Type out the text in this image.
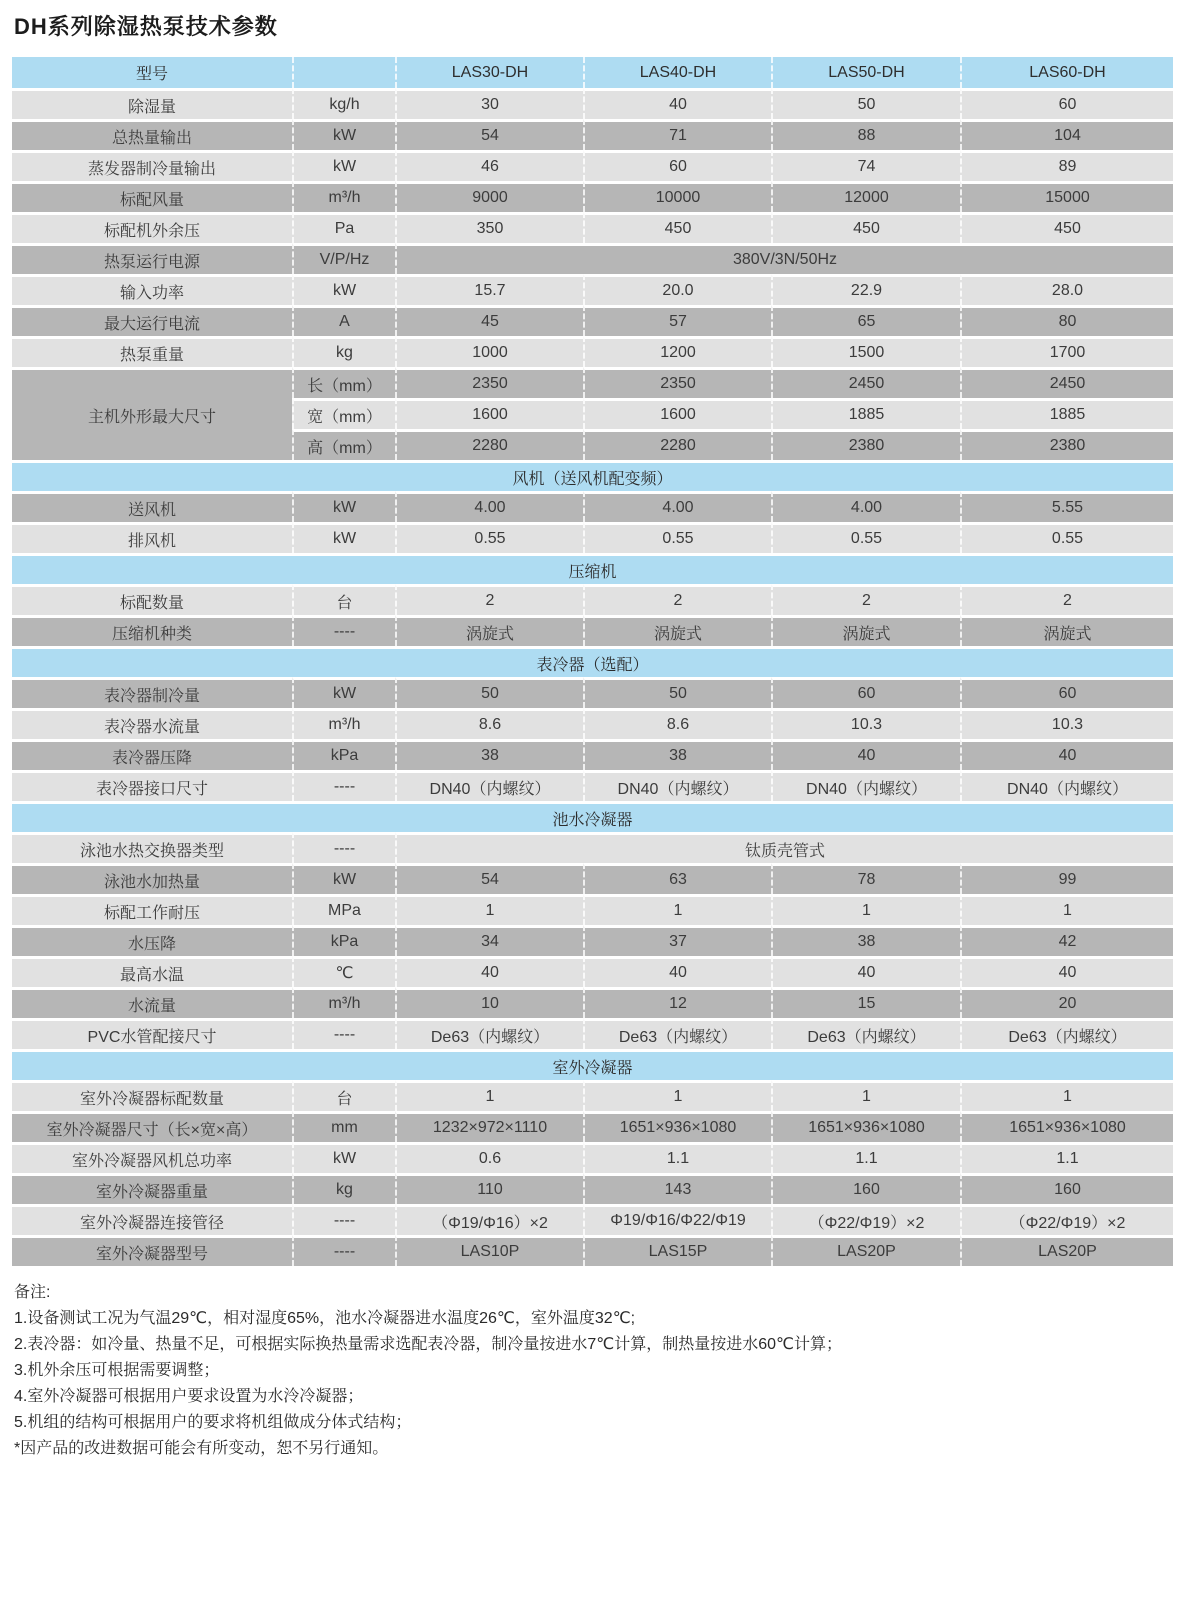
DH系列除湿热泵技术参数
型号		LAS30-DH	LAS40-DH	LAS50-DH	LAS60-DH
除湿量	kg/h	30	40	50	60
总热量输出	kW	54	71	88	104
蒸发器制冷量输出	kW	46	60	74	89
标配风量	m³/h	9000	10000	12000	15000
标配机外余压	Pa	350	450	450	450
热泵运行电源	V/P/Hz	380V/3N/50Hz			
输入功率	kW	15.7	20.0	22.9	28.0
最大运行电流	A	45	57	65	80
热泵重量	kg	1000	1200	1500	1700
主机外形最大尺寸	长（mm）	2350	2350	2450	2450
	宽（mm）	1600	1600	1885	1885
	高（mm）	2280	2280	2380	2380
风机（送风机配变频）					
送风机	kW	4.00	4.00	4.00	5.55
排风机	kW	0.55	0.55	0.55	0.55
压缩机					
标配数量	台	2	2	2	2
压缩机种类	----	涡旋式	涡旋式	涡旋式	涡旋式
表冷器（选配）					
表冷器制冷量	kW	50	50	60	60
表冷器水流量	m³/h	8.6	8.6	10.3	10.3
表冷器压降	kPa	38	38	40	40
表冷器接口尺寸	----	DN40（内螺纹）	DN40（内螺纹）	DN40（内螺纹）	DN40（内螺纹）
池水冷凝器					
泳池水热交换器类型	----	钛质壳管式			
泳池水加热量	kW	54	63	78	99
标配工作耐压	MPa	1	1	1	1
水压降	kPa	34	37	38	42
最高水温	℃	40	40	40	40
水流量	m³/h	10	12	15	20
PVC水管配接尺寸	----	De63（内螺纹）	De63（内螺纹）	De63（内螺纹）	De63（内螺纹）
室外冷凝器					
室外冷凝器标配数量	台	1	1	1	1
室外冷凝器尺寸（长×宽×高）	mm	1232×972×1110	1651×936×1080	1651×936×1080	1651×936×1080
室外冷凝器风机总功率	kW	0.6	1.1	1.1	1.1
室外冷凝器重量	kg	110	143	160	160
室外冷凝器连接管径	----	（Φ19/Φ16）×2	Φ19/Φ16/Φ22/Φ19	（Φ22/Φ19）×2	（Φ22/Φ19）×2
室外冷凝器型号	----	LAS10P	LAS15P	LAS20P	LAS20P
备注:
1.设备测试工况为气温29℃，相对湿度65%，池水冷凝器进水温度26℃，室外温度32℃;
2.表冷器：如冷量、热量不足，可根据实际换热量需求选配表冷器，制冷量按进水7℃计算，制热量按进水60℃计算；
3.机外余压可根据需要调整；
4.室外冷凝器可根据用户要求设置为水泠冷凝器；
5.机组的结构可根据用户的要求将机组做成分体式结构；
*因产品的改进数据可能会有所变动，恕不另行通知。
